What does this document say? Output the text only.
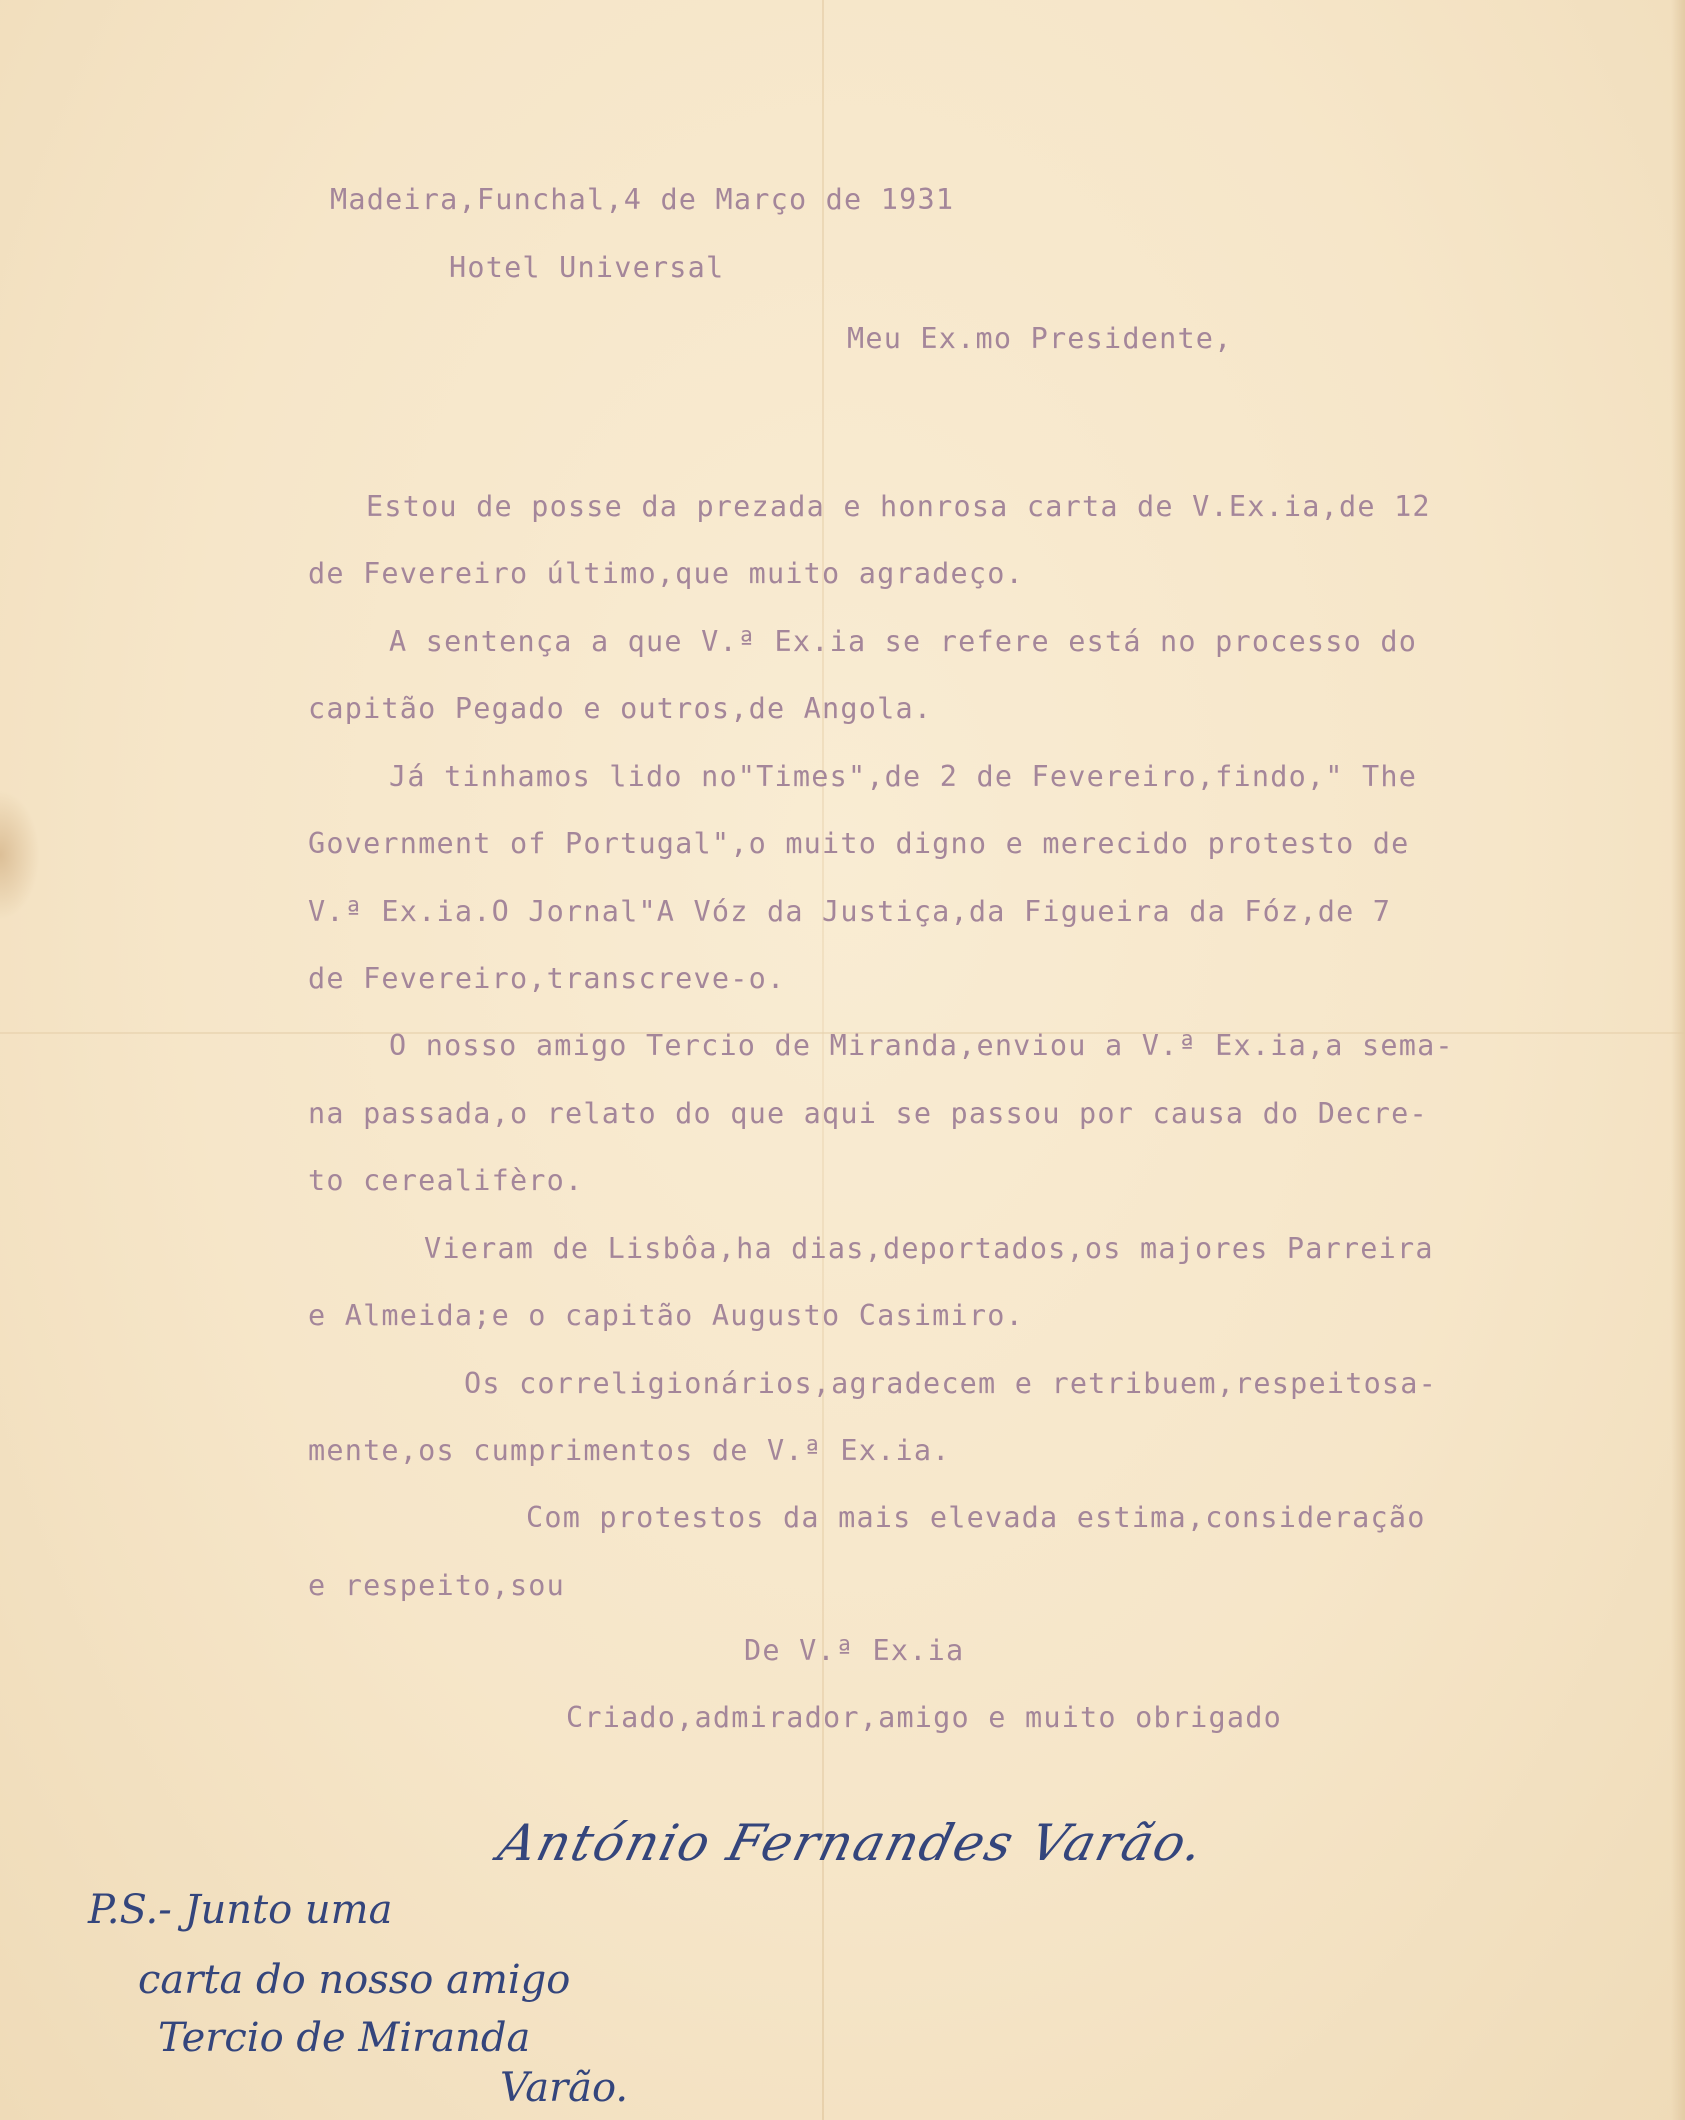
Madeira,Funchal,4 de Março de 1931

Hotel Universal

Meu Ex.mo Presidente,

Estou de posse da prezada e honrosa carta de V.Ex.ia,de 12

de Fevereiro último,que muito agradeço.

A sentença a que V.ª Ex.ia se refere está no processo do

capitão Pegado e outros,de Angola.

Já tinhamos lido no"Times",de 2 de Fevereiro,findo," The

Government of Portugal",o muito digno e merecido protesto de

V.ª Ex.ia.O Jornal"A Vóz da Justiça,da Figueira da Fóz,de 7

de Fevereiro,transcreve-o.

O nosso amigo Tercio de Miranda,enviou a V.ª Ex.ia,a sema-

na passada,o relato do que aqui se passou por causa do Decre-

to cerealifèro.

Vieram de Lisbôa,ha dias,deportados,os majores Parreira

e Almeida;e o capitão Augusto Casimiro.

Os correligionários,agradecem e retribuem,respeitosa-

mente,os cumprimentos de V.ª Ex.ia.

Com protestos da mais elevada estima,consideração

e respeito,sou

De V.ª Ex.ia

Criado,admirador,amigo e muito obrigado

António Fernandes Varão.

P.S.- Junto uma

carta do nosso amigo

Tercio de Miranda

Varão.
